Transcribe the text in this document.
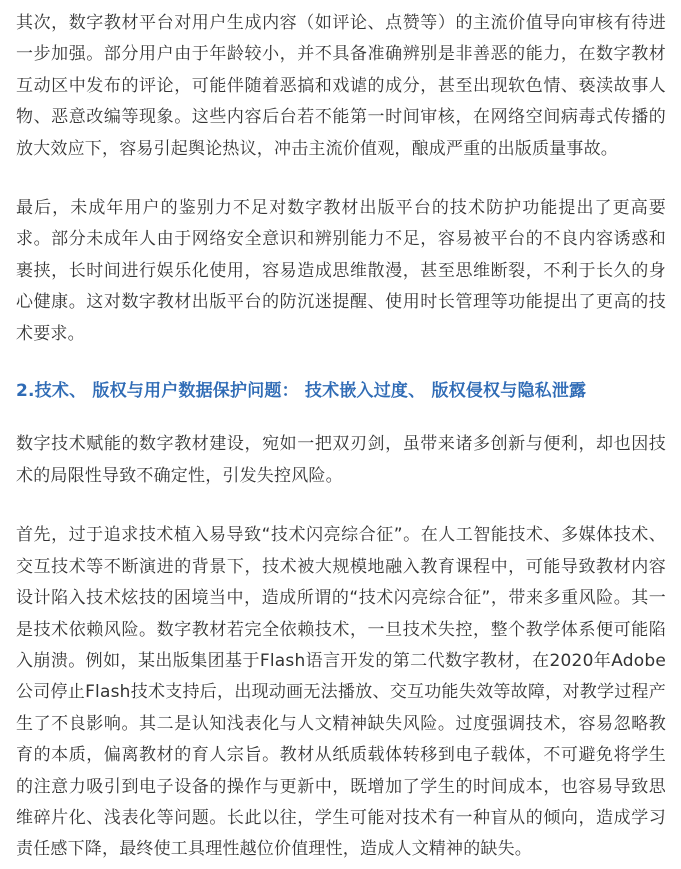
其次，数字教材平台对用户生成内容（如评论、点赞等）的主流价值导向审核有待进一步加强。部分用户由于年龄较小，并不具备准确辨别是非善恶的能力，在数字教材互动区中发布的评论，可能伴随着恶搞和戏谑的成分，甚至出现软色情、亵渎故事人物、恶意改编等现象。这些内容后台若不能第一时间审核，在网络空间病毒式传播的放大效应下，容易引起舆论热议，冲击主流价值观，酿成严重的出版质量事故。

最后，未成年用户的鉴别力不足对数字教材出版平台的技术防护功能提出了更高要求。部分未成年人由于网络安全意识和辨别能力不足，容易被平台的不良内容诱惑和裹挟，长时间进行娱乐化使用，容易造成思维散漫，甚至思维断裂，不利于长久的身心健康。这对数字教材出版平台的防沉迷提醒、使用时长管理等功能提出了更高的技术要求。

2.技术、 版权与用户数据保护问题： 技术嵌入过度、 版权侵权与隐私泄露

数字技术赋能的数字教材建设，宛如一把双刃剑，虽带来诸多创新与便利，却也因技术的局限性导致不确定性，引发失控风险。

首先，过于追求技术植入易导致“技术闪亮综合征”。在人工智能技术、多媒体技术、交互技术等不断演进的背景下，技术被大规模地融入教育课程中，可能导致教材内容设计陷入技术炫技的困境当中，造成所谓的“技术闪亮综合征”，带来多重风险。其一是技术依赖风险。数字教材若完全依赖技术，一旦技术失控，整个教学体系便可能陷入崩溃。例如，某出版集团基于Flash语言开发的第二代数字教材，在2020年Adobe公司停止Flash技术支持后，出现动画无法播放、交互功能失效等故障，对教学过程产生了不良影响。其二是认知浅表化与人文精神缺失风险。过度强调技术，容易忽略教育的本质，偏离教材的育人宗旨。教材从纸质载体转移到电子载体，不可避免将学生的注意力吸引到电子设备的操作与更新中，既增加了学生的时间成本，也容易导致思维碎片化、浅表化等问题。长此以往，学生可能对技术有一种盲从的倾向，造成学习责任感下降，最终使工具理性越位价值理性，造成人文精神的缺失。
